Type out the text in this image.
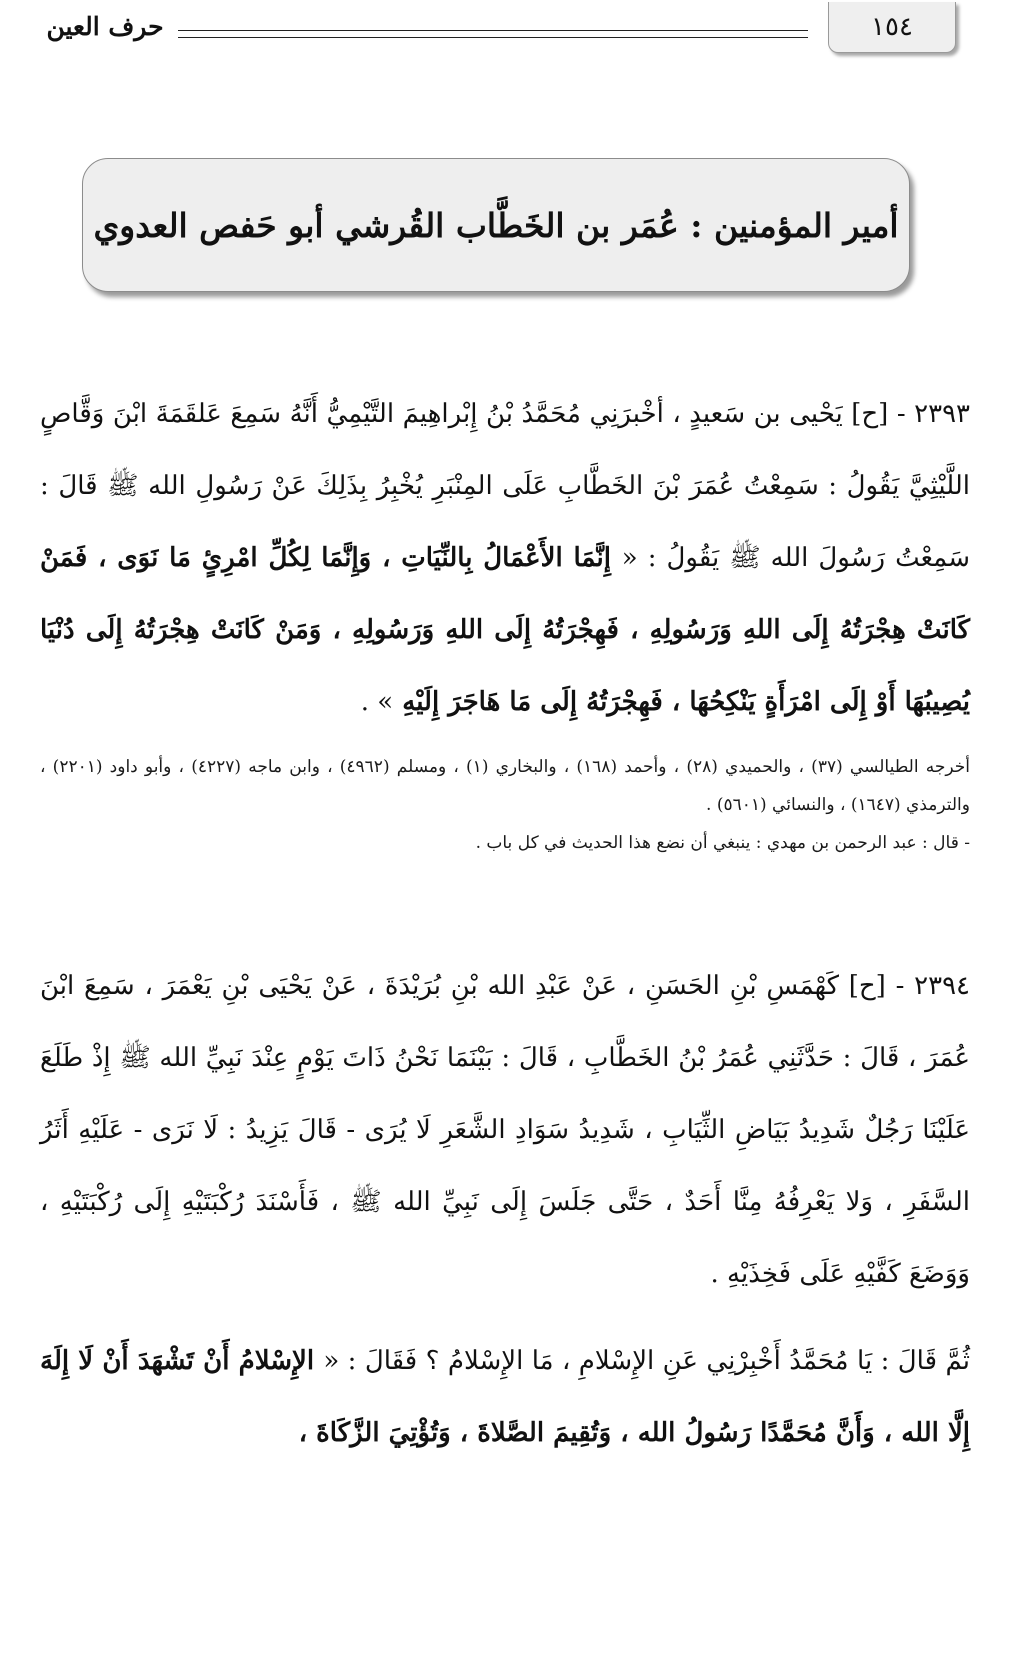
١٥٤
حرف العين
أمير المؤمنين : عُمَر بن الخَطَّاب القُرشي أبو حَفص العدوي

٢٣٩٣ - [ح] يَحْيى بن سَعيدٍ ، أخْبرَنِي مُحَمَّدُ بْنُ إِبْراهِيمَ التَّيْمِيُّ أَنَّهُ سَمِعَ عَلقَمَةَ ابْنَ وَقَّاصٍ اللَّيْثِيَّ يَقُولُ : سَمِعْتُ عُمَرَ بْنَ الخَطَّابِ عَلَى المِنْبَرِ يُخْبِرُ بِذَلِكَ عَنْ رَسُولِ الله ﷺ قَالَ : سَمِعْتُ رَسُولَ الله ﷺ يَقُولُ : « إِنَّمَا الأَعْمَالُ بِالنِّيَاتِ ، وَإِنَّمَا لِكُلِّ امْرِئٍ مَا نَوَى ، فَمَنْ كَانَتْ هِجْرَتُهُ إِلَى اللهِ وَرَسُولِهِ ، فَهِجْرَتُهُ إِلَى اللهِ وَرَسُولِهِ ، وَمَنْ كَانَتْ هِجْرَتُهُ إِلَى دُنْيَا يُصِيبُهَا أَوْ إِلَى امْرَأَةٍ يَنْكِحُهَا ، فَهِجْرَتُهُ إِلَى مَا هَاجَرَ إِلَيْهِ » .

أخرجه الطيالسي (٣٧) ، والحميدي (٢٨) ، وأحمد (١٦٨) ، والبخاري (١) ، ومسلم (٤٩٦٢) ، وابن ماجه (٤٢٢٧) ، وأبو داود (٢٢٠١) ، والترمذي (١٦٤٧) ، والنسائي (٥٦٠١) .

- قال : عبد الرحمن بن مهدي : ينبغي أن نضع هذا الحديث في كل باب .

٢٣٩٤ - [ح] كَهْمَسِ بْنِ الحَسَنِ ، عَنْ عَبْدِ الله بْنِ بُرَيْدَةَ ، عَنْ يَحْيَى بْنِ يَعْمَرَ ، سَمِعَ ابْنَ عُمَرَ ، قَالَ : حَدَّثَنِي عُمَرُ بْنُ الخَطَّابِ ، قَالَ : بَيْنَمَا نَحْنُ ذَاتَ يَوْمٍ عِنْدَ نَبِيِّ الله ﷺ إِذْ طَلَعَ عَلَيْنَا رَجُلٌ شَدِيدُ بَيَاضِ الثِّيَابِ ، شَدِيدُ سَوَادِ الشَّعَرِ لَا يُرَى - قَالَ يَزِيدُ : لَا نَرَى - عَلَيْهِ أَثَرُ السَّفَرِ ، وَلا يَعْرِفُهُ مِنَّا أَحَدٌ ، حَتَّى جَلَسَ إِلَى نَبِيِّ الله ﷺ ، فَأَسْنَدَ رُكْبَتَيْهِ إِلَى رُكْبَتَيْهِ ، وَوَضَعَ كَفَّيْهِ عَلَى فَخِذَيْهِ .

ثُمَّ قَالَ : يَا مُحَمَّدُ أَخْبِرْنِي عَنِ الإِسْلامِ ، مَا الإِسْلامُ ؟ فَقَالَ : « الإِسْلامُ أَنْ تَشْهَدَ أَنْ لَا إِلَهَ إِلَّا الله ، وَأَنَّ مُحَمَّدًا رَسُولُ الله ، وَتُقِيمَ الصَّلاةَ ، وَتُؤْتِيَ الزَّكَاةَ ،
